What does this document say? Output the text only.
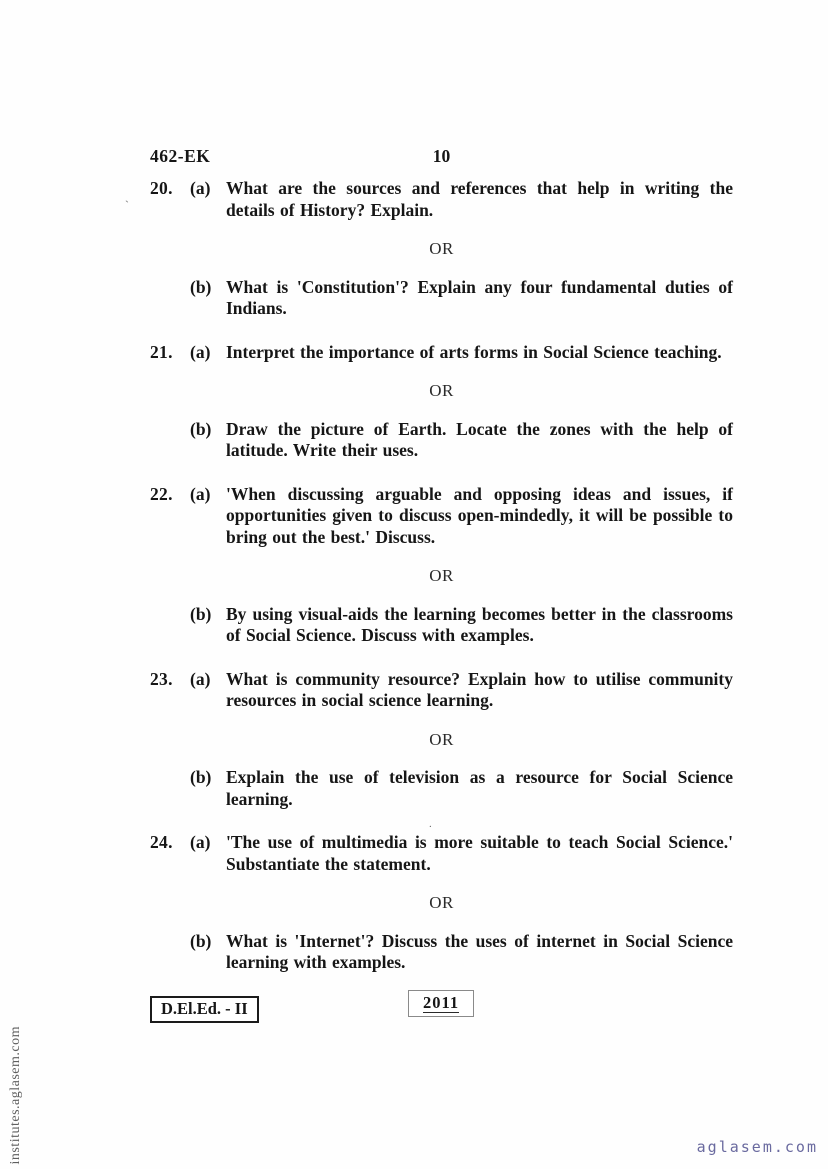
institutes.aglasem.com	aglasem.com
`
.
462-EK	10
20. (a) What are the sources and references that help in writing the details of History? Explain.

OR
(b) What is 'Constitution'? Explain any four fundamental duties of Indians.

21. (a) Interpret the importance of arts forms in Social Science teaching.

OR
(b) Draw the picture of Earth. Locate the zones with the help of latitude. Write their uses.

22. (a) 'When discussing arguable and opposing ideas and issues, if opportunities given to discuss open-mindedly, it will be possible to bring out the best.' Discuss.

OR
(b) By using visual-aids the learning becomes better in the classrooms of Social Science. Discuss with examples.

23. (a) What is community resource? Explain how to utilise community resources in social science learning.

OR
(b) Explain the use of television as a resource for Social Science learning.

24. (a) 'The use of multimedia is more suitable to teach Social Science.' Substantiate the statement.

OR
(b) What is 'Internet'? Discuss the uses of internet in Social Science learning with examples.

D.El.Ed. - II	2011
